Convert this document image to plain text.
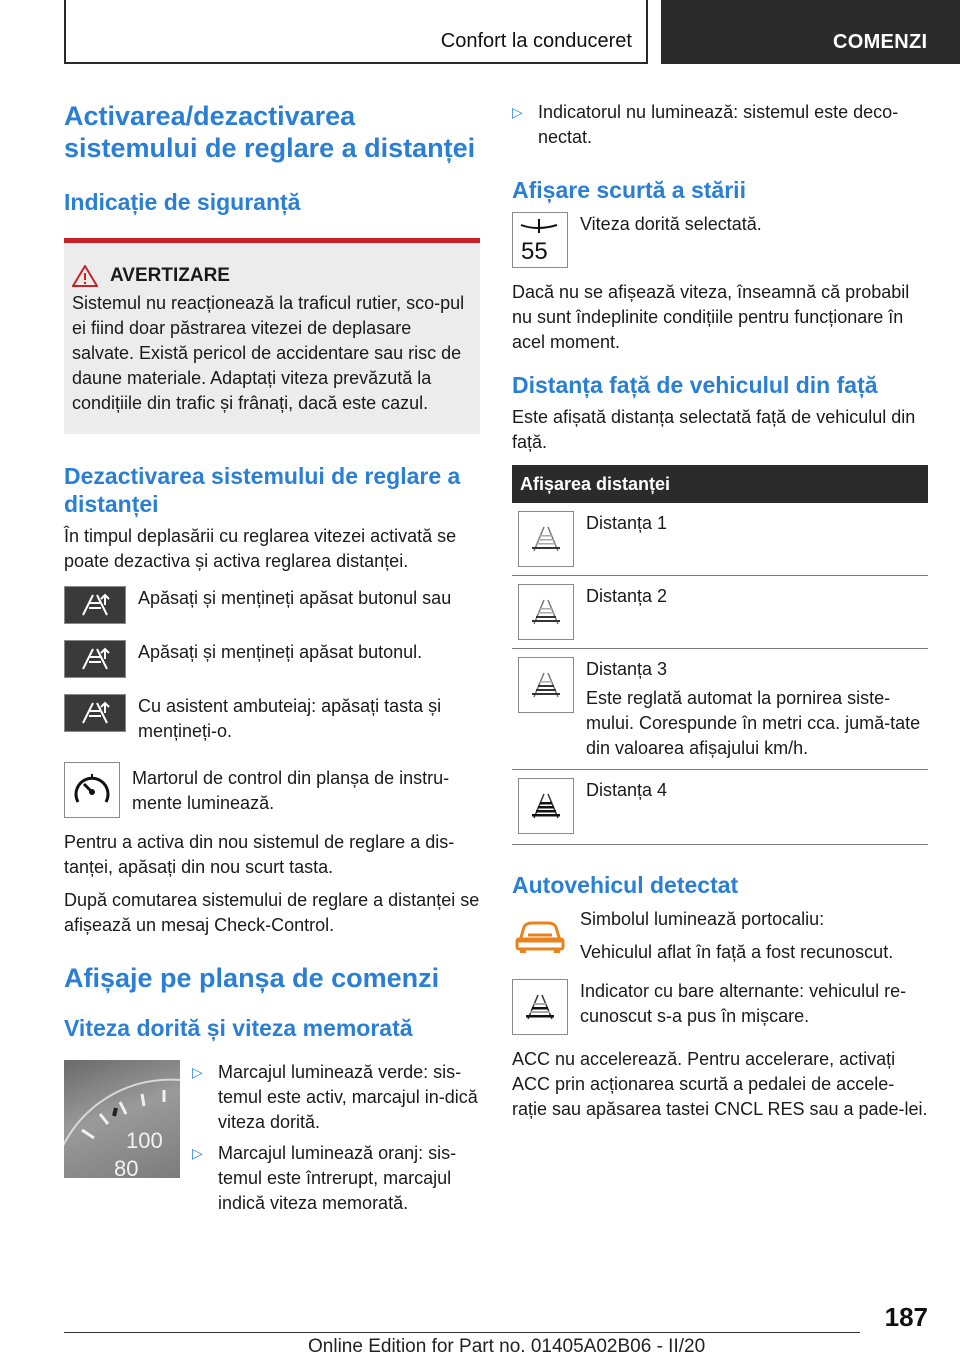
Confort la conduceret	COMENZI
Activarea/dezactivarea sistemului de reglare a distanței
Indicație de siguranță
AVERTIZARE

Sistemul nu reacționează la traficul rutier, sco-pul ei fiind doar păstrarea vitezei de deplasare salvate. Există pericol de accidentare sau risc de daune materiale. Adaptați viteza prevăzută la condițiile din trafic și frânați, dacă este cazul.

Dezactivarea sistemului de reglare a distanței

În timpul deplasării cu reglarea vitezei activată se poate dezactiva și activa reglarea distanței.

Apăsați și mențineți apăsat butonul sau

Apăsați și mențineți apăsat butonul.

Cu asistent ambuteiaj: apăsați tasta și mențineți-o.

Martorul de control din planșa de instru-mente luminează.

Pentru a activa din nou sistemul de reglare a dis-tanței, apăsați din nou scurt tasta.

După comutarea sistemului de reglare a distanței se afișează un mesaj Check-Control.

Afișaje pe planșa de comenzi
Viteza dorită și viteza memorată
100
80
▷ Marcajul luminează verde: sis-temul este activ, marcajul in-dică viteza dorită.

▷ Marcajul luminează oranj: sis-temul este întrerupt, marcajul indică viteza memorată.

▷ Indicatorul nu luminează: sistemul este deco-nectat.

Afișare scurtă a stării
55

Viteza dorită selectată.

Dacă nu se afișează viteza, înseamnă că probabil nu sunt îndeplinite condițiile pentru funcționare în acel moment.

Distanța față de vehiculul din față

Este afișată distanța selectată față de vehiculul din față.

Afișarea distanței

Distanța 1

Distanța 2

Distanța 3

Este reglată automat la pornirea siste-mului. Corespunde în metri cca. jumă-tate din valoarea afișajului km/h.

Distanța 4

Autovehicul detectat

Simbolul luminează portocaliu:

Vehiculul aflat în față a fost recunoscut.

Indicator cu bare alternante: vehiculul re-cunoscut s-a pus în mișcare.

ACC nu accelerează. Pentru accelerare, activați ACC prin acționarea scurtă a pedalei de accele-rație sau apăsarea tastei CNCL RES sau a pade-lei.

187
Online Edition for Part no. 01405A02B06 - II/20
